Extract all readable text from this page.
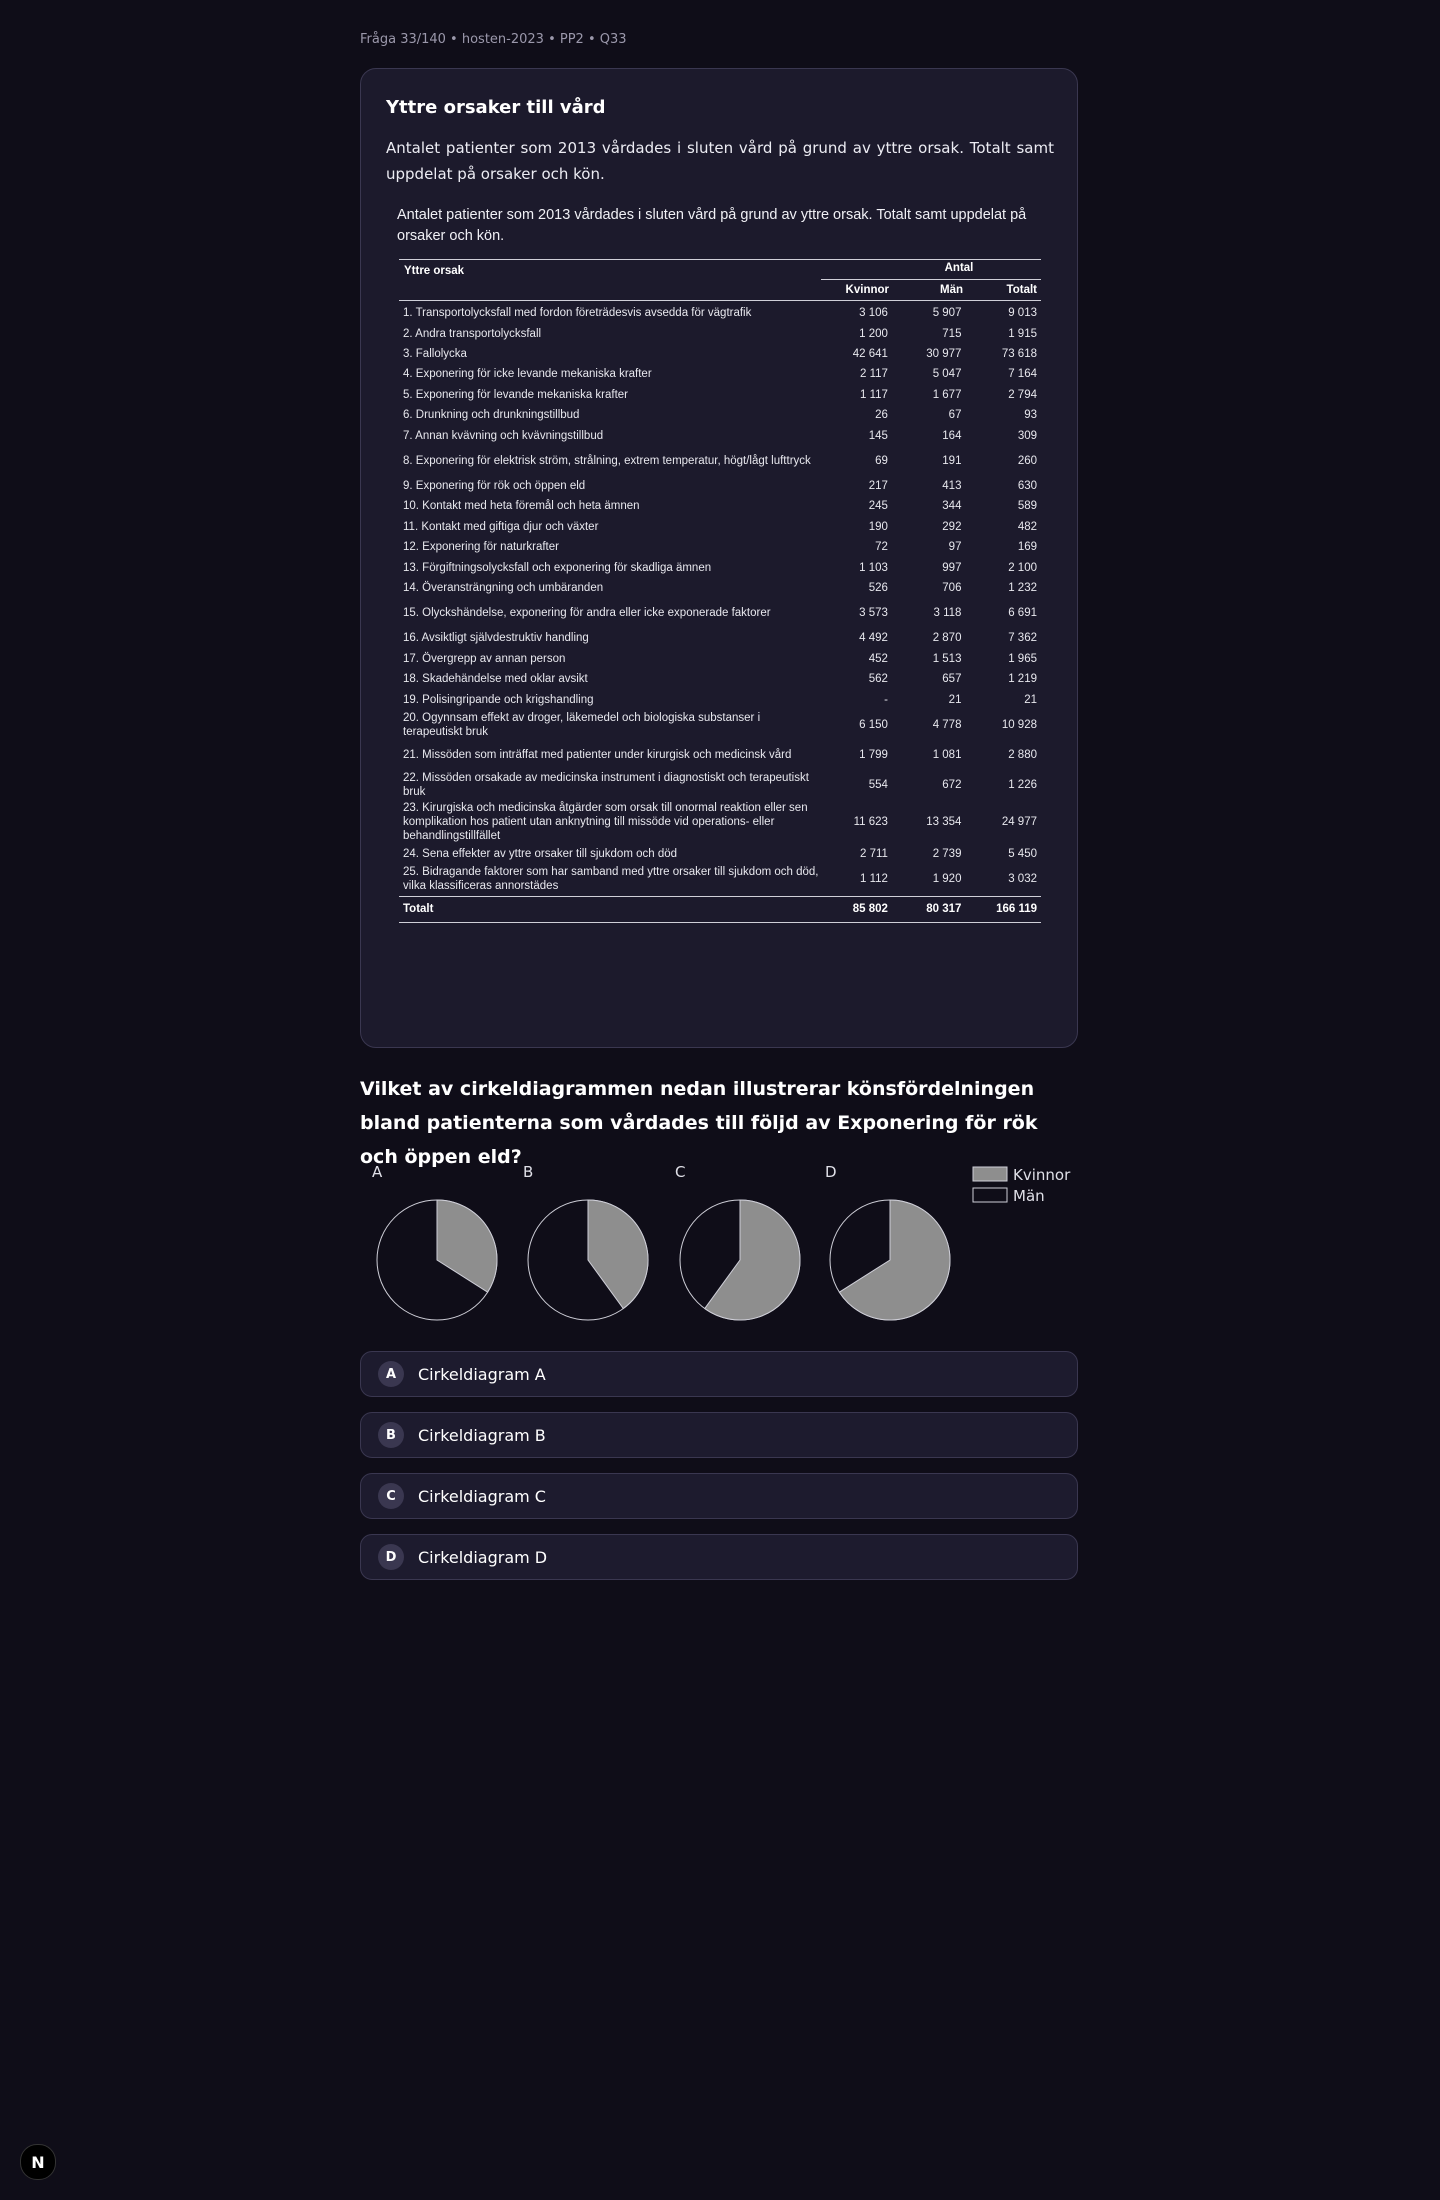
Fråga 33/140 • hosten-2023 • PP2 • Q33
Yttre orsaker till vård
Antalet patienter som 2013 vårdades i sluten vård på grund av yttre orsak. Totalt samt uppdelat på orsaker och kön.
Antalet patienter som 2013 vårdades i sluten vård på grund av yttre orsak. Totalt samt uppdelat på orsaker och kön.
Yttre orsak	Antal
Kvinnor	Män	Totalt
1. Transportolycksfall med fordon företrädesvis avsedda för vägtrafik	3 106	5 907	9 013
2. Andra transportolycksfall	1 200	715	1 915
3. Fallolycka	42 641	30 977	73 618
4. Exponering för icke levande mekaniska krafter	2 117	5 047	7 164
5. Exponering för levande mekaniska krafter	1 117	1 677	2 794
6. Drunkning och drunkningstillbud	26	67	93
7. Annan kvävning och kvävningstillbud	145	164	309
8. Exponering för elektrisk ström, strålning, extrem temperatur, högt/lågt lufttryck	69	191	260
9. Exponering för rök och öppen eld	217	413	630
10. Kontakt med heta föremål och heta ämnen	245	344	589
11. Kontakt med giftiga djur och växter	190	292	482
12. Exponering för naturkrafter	72	97	169
13. Förgiftningsolycksfall och exponering för skadliga ämnen	1 103	997	2 100
14. Överansträngning och umbäranden	526	706	1 232
15. Olyckshändelse, exponering för andra eller icke exponerade faktorer	3 573	3 118	6 691
16. Avsiktligt självdestruktiv handling	4 492	2 870	7 362
17. Övergrepp av annan person	452	1 513	1 965
18. Skadehändelse med oklar avsikt	562	657	1 219
19. Polisingripande och krigshandling	-	21	21
20. Ogynnsam effekt av droger, läkemedel och biologiska substanser i terapeutiskt bruk
6 150	4 778	10 928
21. Missöden som inträffat med patienter under kirurgisk och medicinsk vård	1 799	1 081	2 880
22. Missöden orsakade av medicinska instrument i diagnostiskt och terapeutiskt bruk
554	672	1 226
23. Kirurgiska och medicinska åtgärder som orsak till onormal reaktion eller sen komplikation hos patient utan anknytning till missöde vid operations- eller behandlingstillfället
11 623	13 354	24 977
24. Sena effekter av yttre orsaker till sjukdom och död	2 711	2 739	5 450
25. Bidragande faktorer som har samband med yttre orsaker till sjukdom och död, vilka klassificeras annorstädes
1 112	1 920	3 032
Totalt	85 802	80 317	166 119
Vilket av cirkeldiagrammen nedan illustrerar könsfördelningen bland patienterna som vårdades till följd av Exponering för rök och öppen eld?
A	B	C	D	Kvinnor
Män
A	Cirkeldiagram A
B	Cirkeldiagram B
C	Cirkeldiagram C
D	Cirkeldiagram D
N
